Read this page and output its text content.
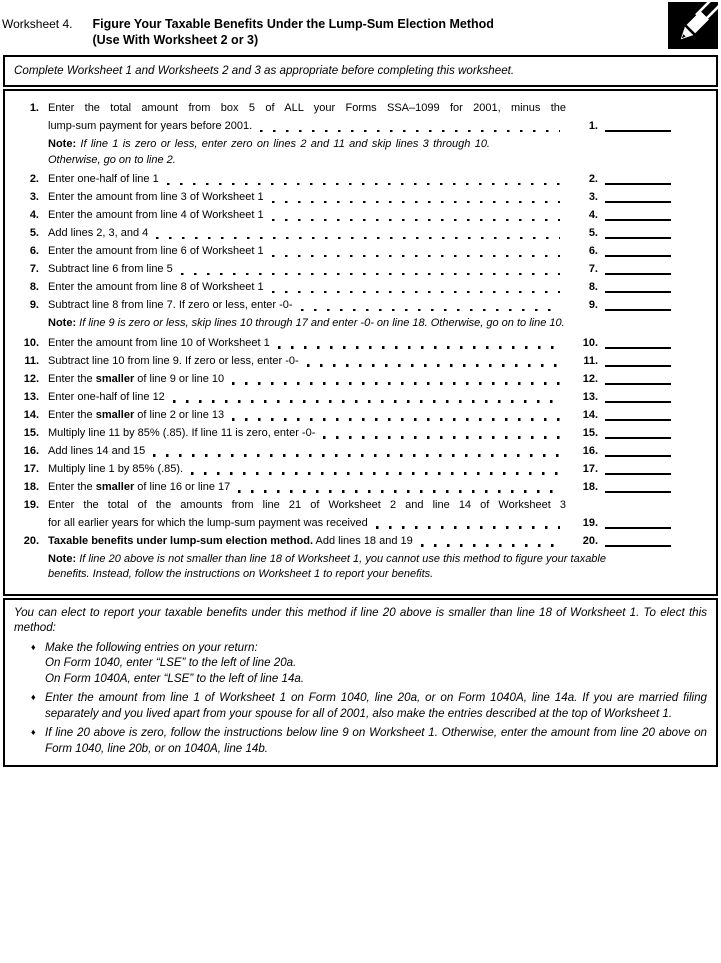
Worksheet 4. Figure Your Taxable Benefits Under the Lump-Sum Election Method
(Use With Worksheet 2 or 3)
Complete Worksheet 1 and Worksheets 2 and 3 as appropriate before completing this worksheet.
1. Enter the total amount from box 5 of ALL your Forms SSA–1099 for 2001, minus the
lump-sum payment for years before 2001.	1.
Note: If line 1 is zero or less, enter zero on lines 2 and 11 and skip lines 3 through 10. Otherwise, go on to line 2.
2. Enter one-half of line 1	2.
3. Enter the amount from line 3 of Worksheet 1	3.
4. Enter the amount from line 4 of Worksheet 1	4.
5. Add lines 2, 3, and 4	5.
6. Enter the amount from line 6 of Worksheet 1	6.
7. Subtract line 6 from line 5	7.
8. Enter the amount from line 8 of Worksheet 1	8.
9. Subtract line 8 from line 7. If zero or less, enter -0-	9.
Note: If line 9 is zero or less, skip lines 10 through 17 and enter -0- on line 18. Otherwise, go on to line 10.
10. Enter the amount from line 10 of Worksheet 1	10.
11. Subtract line 10 from line 9. If zero or less, enter -0-	11.
12. Enter the smaller of line 9 or line 10	12.
13. Enter one-half of line 12	13.
14. Enter the smaller of line 2 or line 13	14.
15. Multiply line 11 by 85% (.85). If line 11 is zero, enter -0-	15.
16. Add lines 14 and 15	16.
17. Multiply line 1 by 85% (.85).	17.
18. Enter the smaller of line 16 or line 17	18.
19. Enter the total of the amounts from line 21 of Worksheet 2 and line 14 of Worksheet 3
for all earlier years for which the lump-sum payment was received	19.
20. Taxable benefits under lump-sum election method. Add lines 18 and 19	20.
Note: If line 20 above is not smaller than line 18 of Worksheet 1, you cannot use this method to figure your taxable benefits. Instead, follow the instructions on Worksheet 1 to report your benefits.
You can elect to report your taxable benefits under this method if line 20 above is smaller than line 18 of Worksheet 1. To elect this method:
♦ Make the following entries on your return:
On Form 1040, enter “LSE” to the left of line 20a.
On Form 1040A, enter “LSE” to the left of line 14a.
♦ Enter the amount from line 1 of Worksheet 1 on Form 1040, line 20a, or on Form 1040A, line 14a. If you are married filing separately and you lived apart from your spouse for all of 2001, also make the entries described at the top of Worksheet 1.
♦ If line 20 above is zero, follow the instructions below line 9 on Worksheet 1. Otherwise, enter the amount from line 20 above on Form 1040, line 20b, or on 1040A, line 14b.
